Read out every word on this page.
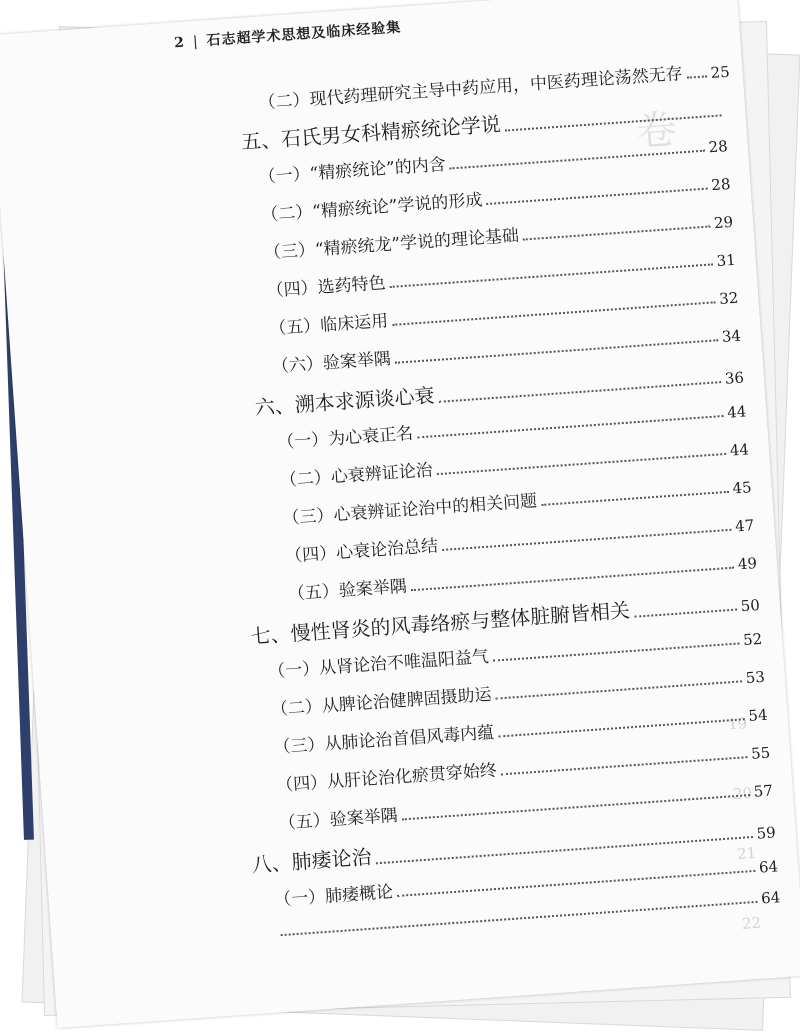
卷
19
20
21
22
2 | 石志超学术思想及临床经验集
（二）现代药理研究主导中药应用，中医药理论荡然无存 25
五、石氏男女科精瘀统论学说
（一）“精瘀统论”的内含
28
（二）“精瘀统论”学说的形成
28
（三）“精瘀统龙”学说的理论基础
29
（四）选药特色
31
（五）临床运用
32
（六）验案举隅
34
六、溯本求源谈心衰
36
（一）为心衰正名
44
（二）心衰辨证论治
44
（三）心衰辨证论治中的相关问题
45
（四）心衰论治总结
47
（五）验案举隅
49
七、慢性肾炎的风毒络瘀与整体脏腑皆相关	50
（一）从肾论治不唯温阳益气
52
（二）从脾论治健脾固摄助运
53
（三）从肺论治首倡风毒内蕴
54
（四）从肝论治化瘀贯穿始终
55
（五）验案举隅
57
八、肺痿论治
59
（一）肺痿概论
64
64
